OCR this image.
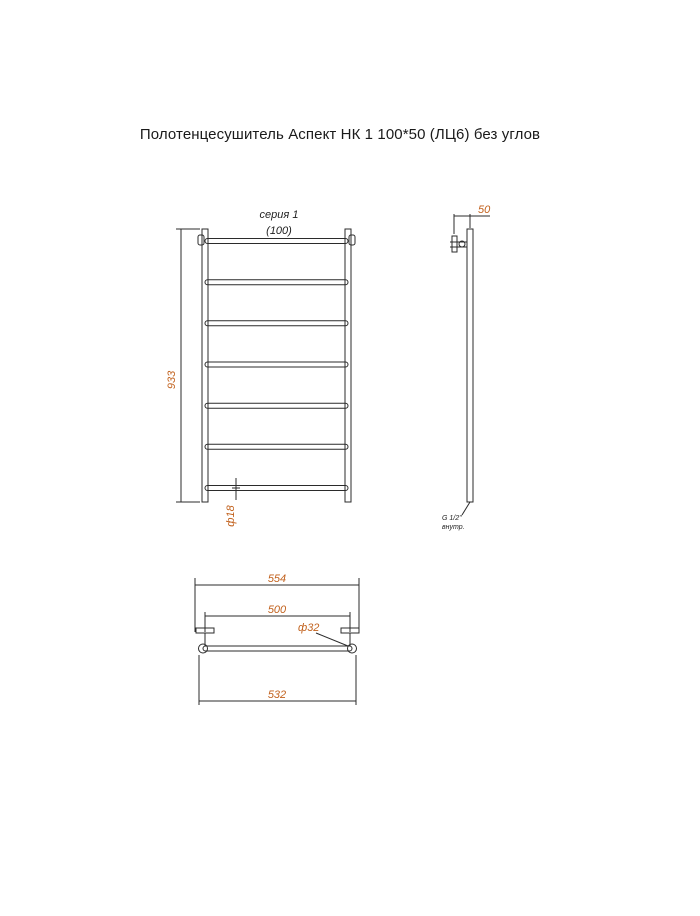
Полотенцесушитель Аспект НК 1 100*50 (ЛЦ6) без углов
933
ф18
серия 1
(100)
50
G 1/2"
внутр.
554
500
ф32
532
